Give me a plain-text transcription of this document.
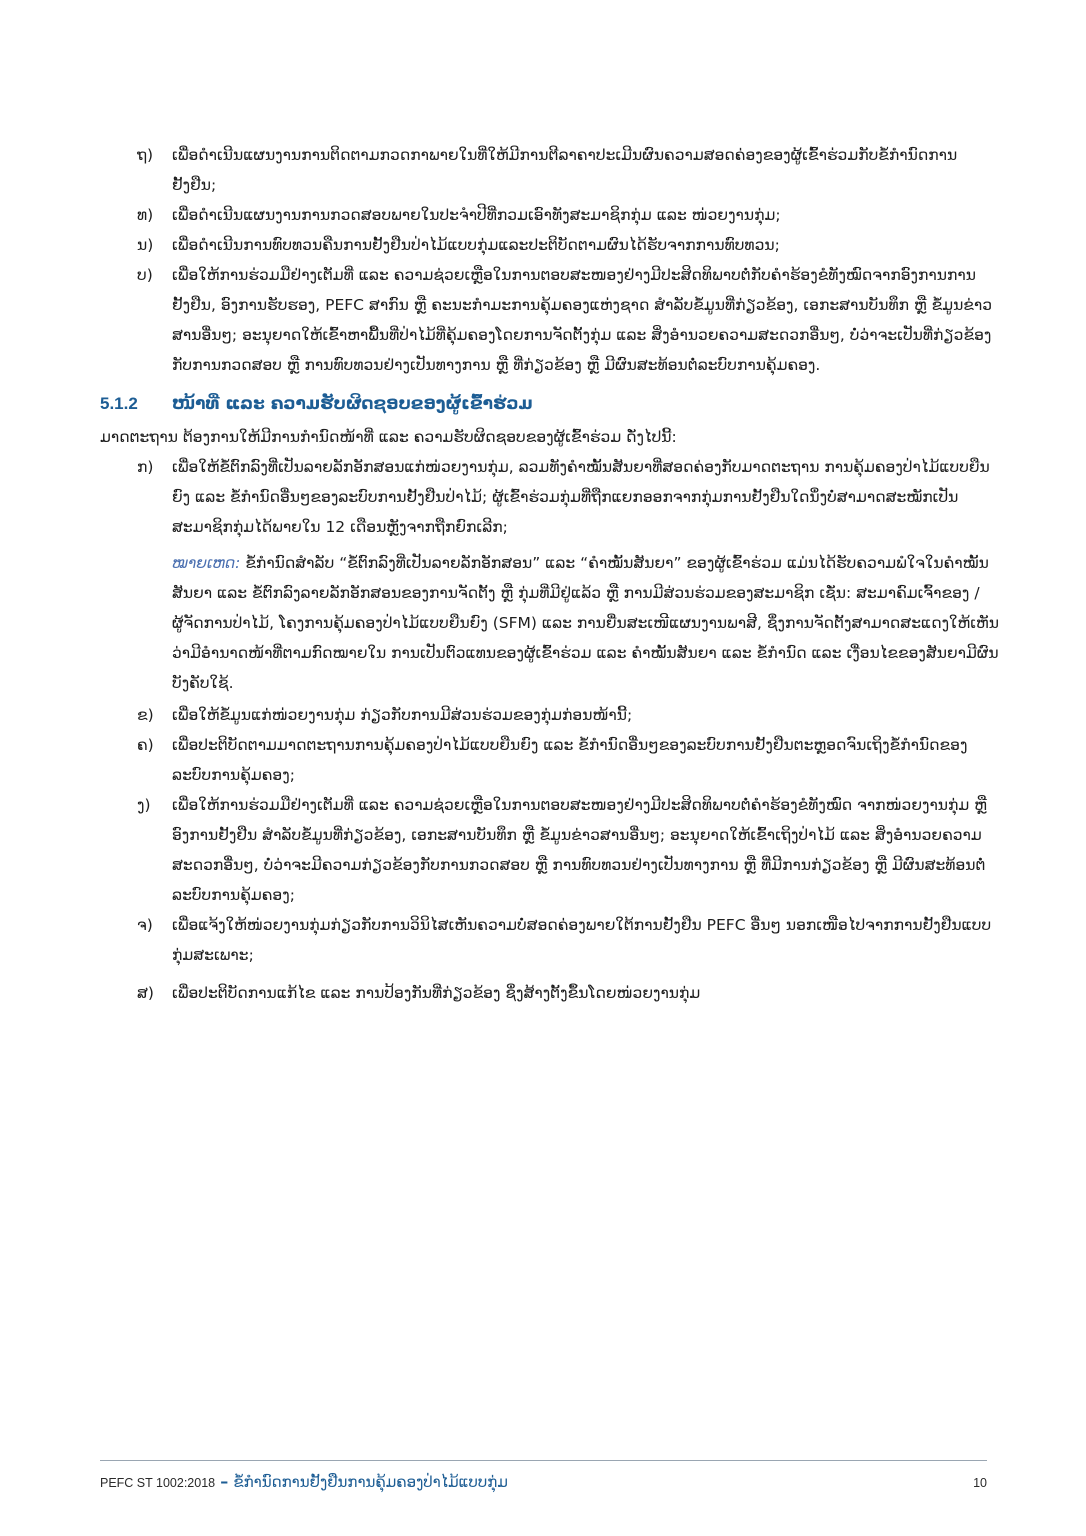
ຖ) ເພື່ອດຳເນີນແຜນງານການຕິດຕາມກວດກາພາຍໃນທີ່ໃຫ້ມີການຕີລາຄາປະເມີນຜົນຄວາມສອດຄ່ອງຂອງຜູ້ເຂົ້າຮ່ວມກັບຂໍ້ກຳນົດການຢັ້ງຢືນ;
ທ) ເພື່ອດຳເນີນແຜນງານການກວດສອບພາຍໃນປະຈຳປີທີ່ກວມເອົາທັງສະມາຊິກກຸ່ມ ແລະ ໜ່ວຍງານກຸ່ມ;
ນ) ເພື່ອດຳເນີນການທົບທວນຄືນການຢັ້ງຢືນປ່າໄມ້ແບບກຸ່ມແລະປະຕິບັດຕາມຜົນໄດ້ຮັບຈາກການທົບທວນ;
ບ) ເພື່ອໃຫ້ການຮ່ວມມືຢ່າງເຕັມທີ່ ແລະ ຄວາມຊ່ວຍເຫຼືອໃນການຕອບສະໜອງຢ່າງມີປະສິດທິພາບຕໍ່ກັບຄຳຮ້ອງຂໍທັງໝົດຈາກອົງການການຢັ້ງຢືນ, ອົງການຮັບຮອງ, PEFC ສາກົນ ຫຼື ຄະນະກຳມະການຄຸ້ມຄອງແຫ່ງຊາດ ສຳລັບຂໍ້ມູນທີ່ກ່ຽວຂ້ອງ, ເອກະສານບັນທຶກ ຫຼື ຂໍ້ມູນຂ່າວສານອື່ນໆ; ອະນຸຍາດໃຫ້ເຂົ້າຫາພື້ນທີ່ປ່າໄມ້ທີ່ຄຸ້ມຄອງໂດຍການຈັດຕັ້ງກຸ່ມ ແລະ ສິ່ງອຳນວຍຄວາມສະດວກອື່ນໆ, ບໍ່ວ່າຈະເປັນທີ່ກ່ຽວຂ້ອງກັບການກວດສອບ ຫຼື ການທົບທວນຢ່າງເປັນທາງການ ຫຼື ທີ່ກ່ຽວຂ້ອງ ຫຼື ມີຜົນສະທ້ອນຕໍ່ລະບົບການຄຸ້ມຄອງ.
5.1.2	ໜ້າທີ່ ແລະ ຄວາມຮັບຜິດຊອບຂອງຜູ້ເຂົ້າຮ່ວມ
ມາດຕະຖານ ຕ້ອງການໃຫ້ມີການກຳນົດໜ້າທີ່ ແລະ ຄວາມຮັບຜິດຊອບຂອງຜູ້ເຂົ້າຮ່ວມ ດັ່ງໄປນີ້:
ກ) ເພື່ອໃຫ້ຂໍ້ຕົກລົງທີ່ເປັນລາຍລັກອັກສອນແກ່ໜ່ວຍງານກຸ່ມ, ລວມທັງຄຳໝັ້ນສັນຍາທີ່ສອດຄ່ອງກັບມາດຕະຖານ ການຄຸ້ມຄອງປ່າໄມ້ແບບຍືນຍົງ ແລະ ຂໍ້ກຳນົດອື່ນໆຂອງລະບົບການຢັ້ງຢືນປ່າໄມ້; ຜູ້ເຂົ້າຮ່ວມກຸ່ມທີ່ຖືກແຍກອອກຈາກກຸ່ມການຢັ້ງຢືນໃດນຶ່ງບໍ່ສາມາດສະໝັກເປັນສະມາຊິກກຸ່ມໄດ້ພາຍໃນ 12 ເດືອນຫຼັງຈາກຖືກຍົກເລີກ;
ໝາຍເຫດ: ຂໍ້ກຳນົດສຳລັບ “ຂໍ້ຕົກລົງທີ່ເປັນລາຍລັກອັກສອນ” ແລະ “ຄຳໝັ້ນສັນຍາ” ຂອງຜູ້ເຂົ້າຮ່ວມ ແມ່ນໄດ້ຮັບຄວາມພໍໃຈໃນຄຳໝັ້ນສັນຍາ ແລະ ຂໍ້ຕົກລົງລາຍລັກອັກສອນຂອງການຈັດຕັ້ງ ຫຼື ກຸ່ມທີ່ມີຢູ່ແລ້ວ ຫຼື ການມີສ່ວນຮ່ວມຂອງສະມາຊິກ ເຊັ່ນ: ສະມາຄົມເຈົ້າຂອງ / ຜູ້ຈັດການປ່າໄມ້, ໂຄງການຄຸ້ມຄອງປ່າໄມ້ແບບຍືນຍົງ (SFM) ແລະ ການຍື່ນສະເໜີແຜນງານພາສີ, ຊຶ່ງການຈັດຕັ້ງສາມາດສະແດງໃຫ້ເຫັນວ່າມີອຳນາດໜ້າທີ່ຕາມກົດໝາຍໃນ ການເປັນຕົວແທນຂອງຜູ້ເຂົ້າຮ່ວມ ແລະ ຄຳໝັ້ນສັນຍາ ແລະ ຂໍ້ກຳນົດ ແລະ ເງື່ອນໄຂຂອງສັນຍາມີຜົນບັງຄັບໃຊ້.
ຂ) ເພື່ອໃຫ້ຂໍ້ມູນແກ່ໜ່ວຍງານກຸ່ມ ກ່ຽວກັບການມີສ່ວນຮ່ວມຂອງກຸ່ມກ່ອນໜ້ານີ້;
ຄ) ເພື່ອປະຕິບັດຕາມມາດຕະຖານການຄຸ້ມຄອງປ່າໄມ້ແບບຍືນຍົງ ແລະ ຂໍ້ກຳນົດອື່ນໆຂອງລະບົບການຢັ້ງຢືນຕະຫຼອດຈົນເຖິງຂໍ້ກຳນົດຂອງລະບົບການຄຸ້ມຄອງ;
ງ) ເພື່ອໃຫ້ການຮ່ວມມືຢ່າງເຕັມທີ່ ແລະ ຄວາມຊ່ວຍເຫຼືອໃນການຕອບສະໜອງຢ່າງມີປະສິດທິພາບຕໍ່ຄຳຮ້ອງຂໍທັງໝົດ ຈາກໜ່ວຍງານກຸ່ມ ຫຼື ອົງການຢັ້ງຢືນ ສຳລັບຂໍ້ມູນທີ່ກ່ຽວຂ້ອງ, ເອກະສານບັນທຶກ ຫຼື ຂໍ້ມູນຂ່າວສານອື່ນໆ; ອະນຸຍາດໃຫ້ເຂົ້າເຖິງປ່າໄມ້ ແລະ ສິ່ງອຳນວຍຄວາມສະດວກອື່ນໆ, ບໍ່ວ່າຈະມີຄວາມກ່ຽວຂ້ອງກັບການກວດສອບ ຫຼື ການທົບທວນຢ່າງເປັນທາງການ ຫຼື ທີ່ມີການກ່ຽວຂ້ອງ ຫຼື ມີຜົນສະທ້ອນຕໍ່ລະບົບການຄຸ້ມຄອງ;
ຈ) ເພື່ອແຈ້ງໃຫ້ໜ່ວຍງານກຸ່ມກ່ຽວກັບການວິນິໄສເຫັນຄວາມບໍ່ສອດຄ່ອງພາຍໃຕ້ການຢັ້ງຢືນ PEFC ອື່ນໆ ນອກເໜືອໄປຈາກການຢັ້ງຢືນແບບກຸ່ມສະເພາະ;
ສ) ເພື່ອປະຕິບັດການແກ້ໄຂ ແລະ ການປ້ອງກັນທີ່ກ່ຽວຂ້ອງ ຊຶ່ງສ້າງຕັ້ງຂຶ້ນໂດຍໜ່ວຍງານກຸ່ມ
PEFC ST 1002:2018 – ຂໍ້ກຳນົດການຢັ້ງຢືນການຄຸ້ມຄອງປ່າໄມ້ແບບກຸ່ມ	10
